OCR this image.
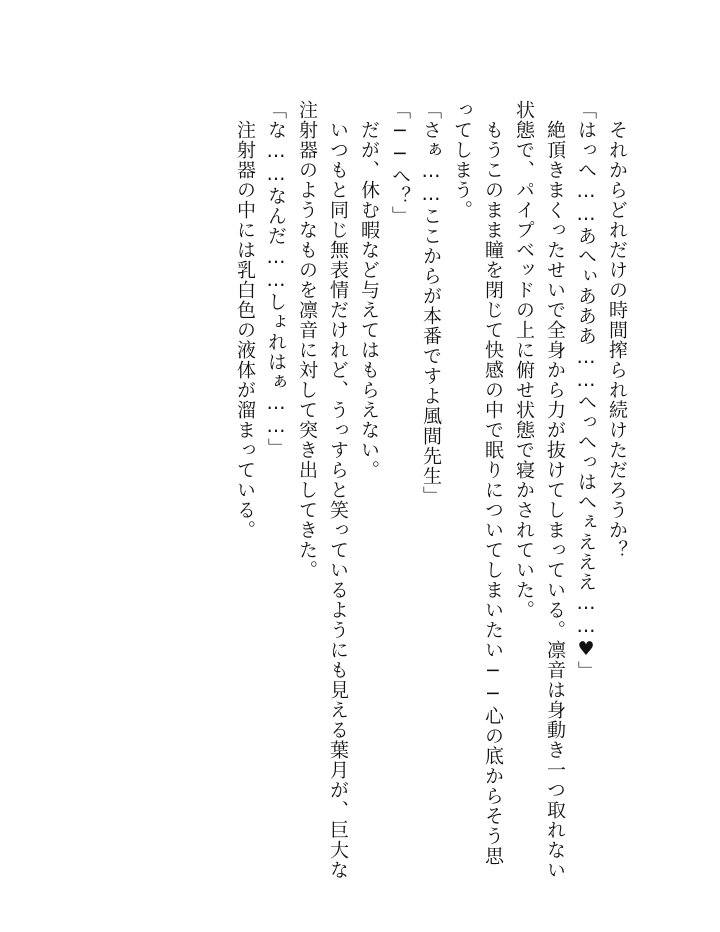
　それからどれだけの時間搾られ続けただろうか？

「はっへ……あへぃあああ……へっへっはへぇえええ……♥」

　絶頂きまくったせいで全身から力が抜けてしまっている。凛音は身動き一つ取れない状態で、パイプベッドの上に俯せ状態で寝かされていた。

　もうこのまま瞳を閉じて快感の中で眠りについてしまいたい──心の底からそう思ってしまう。

「さぁ……ここからが本番ですよ風間先生」

「──へ？」

　だが、休む暇など与えてはもらえない。

　いつもと同じ無表情だけれど、うっすらと笑っているようにも見える葉月が、巨大な注射器のようなものを凛音に対して突き出してきた。

「な……なんだ……しょれはぁ……」

　注射器の中には乳白色の液体が溜まっている。
